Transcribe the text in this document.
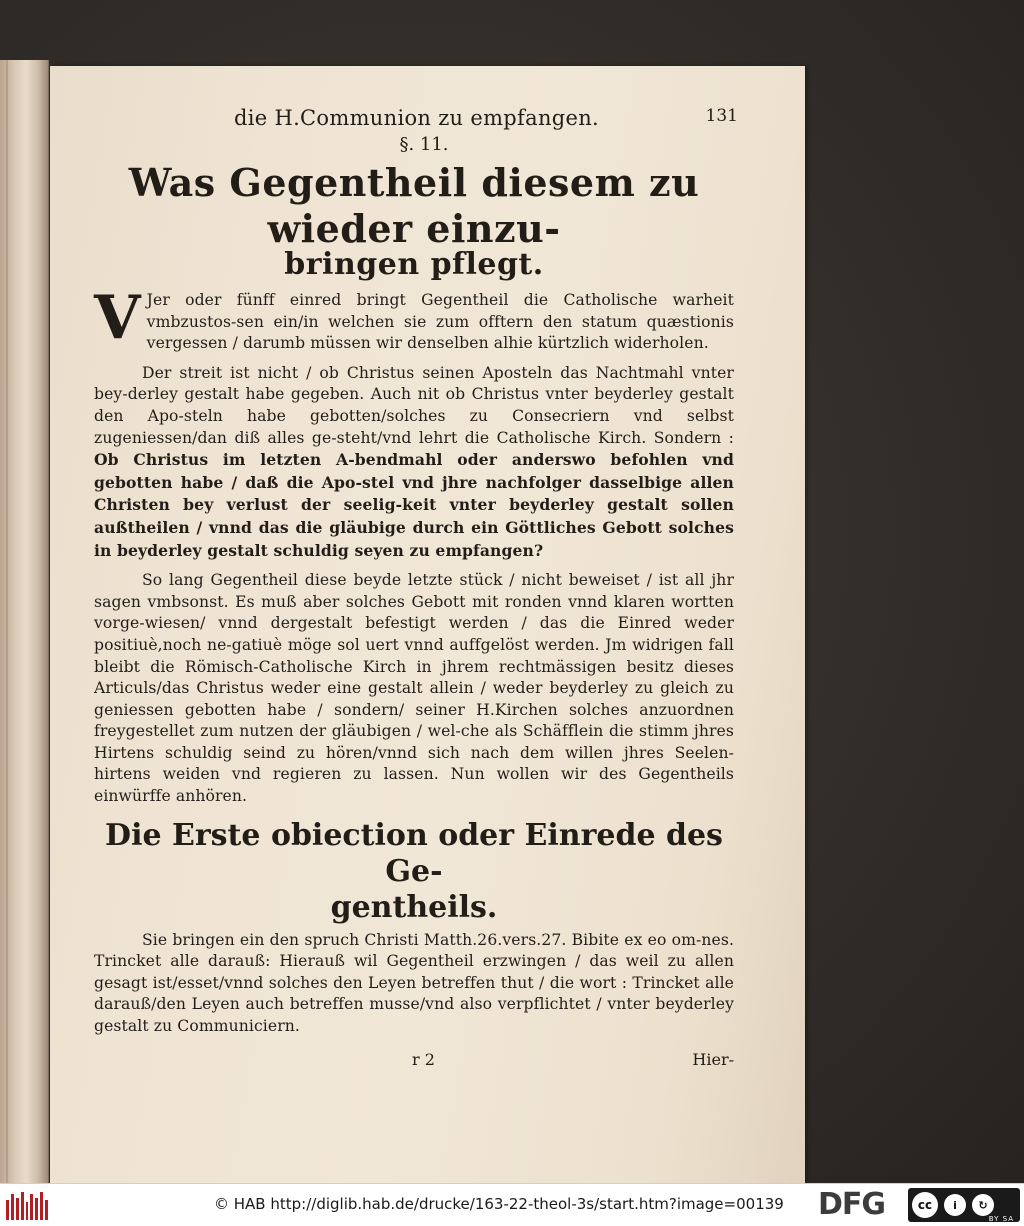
die H.Communion zu empfangen.	131
§. 11.
Was Gegentheil diesem zu wieder einzu-
bringen pflegt.

V Jer oder fünff einred bringt Gegentheil die Catholische warheit vmbzustos-sen ein/in welchen sie zum offtern den statum quæstionis vergessen / darumb müssen wir denselben alhie kürtzlich widerholen.

Der streit ist nicht / ob Christus seinen Aposteln das Nachtmahl vnter bey-derley gestalt habe gegeben. Auch nit ob Christus vnter beyderley gestalt den Apo-steln habe gebotten/solches zu Consecriern vnd selbst zugeniessen/dan diß alles ge-steht/vnd lehrt die Catholische Kirch. Sondern : Ob Christus im letzten A-bendmahl oder anderswo befohlen vnd gebotten habe / daß die Apo-stel vnd jhre nachfolger dasselbige allen Christen bey verlust der seelig-keit vnter beyderley gestalt sollen außtheilen / vnnd das die gläubige durch ein Göttliches Gebott solches in beyderley gestalt schuldig seyen zu empfangen?

So lang Gegentheil diese beyde letzte stück / nicht beweiset / ist all jhr sagen vmbsonst. Es muß aber solches Gebott mit ronden vnnd klaren wortten vorge-wiesen/ vnnd dergestalt befestigt werden / das die Einred weder positiuè,noch ne-gatiuè möge sol uert vnnd auffgelöst werden. Jm widrigen fall bleibt die Römisch-Catholische Kirch in jhrem rechtmässigen besitz dieses Articuls/das Christus weder eine gestalt allein / weder beyderley zu gleich zu geniessen gebotten habe / sondern/ seiner H.Kirchen solches anzuordnen freygestellet zum nutzen der gläubigen / wel-che als Schäfflein die stimm jhres Hirtens schuldig seind zu hören/vnnd sich nach dem willen jhres Seelen-hirtens weiden vnd regieren zu lassen. Nun wollen wir des Gegentheils einwürffe anhören.

Die Erste obiection oder Einrede des Ge-
gentheils.

Sie bringen ein den spruch Christi Matth.26.vers.27. Bibite ex eo om-nes. Trincket alle darauß: Hierauß wil Gegentheil erzwingen / das weil zu allen gesagt ist/esset/vnnd solches den Leyen betreffen thut / die wort : Trincket alle darauß/den Leyen auch betreffen musse/vnd also verpflichtet / vnter beyderley gestalt zu Communiciern.

r 2	Hier-
© HAB http://diglib.hab.de/drucke/163-22-theol-3s/start.htm?image=00139 DFG	cc	i	↻
BY SA
